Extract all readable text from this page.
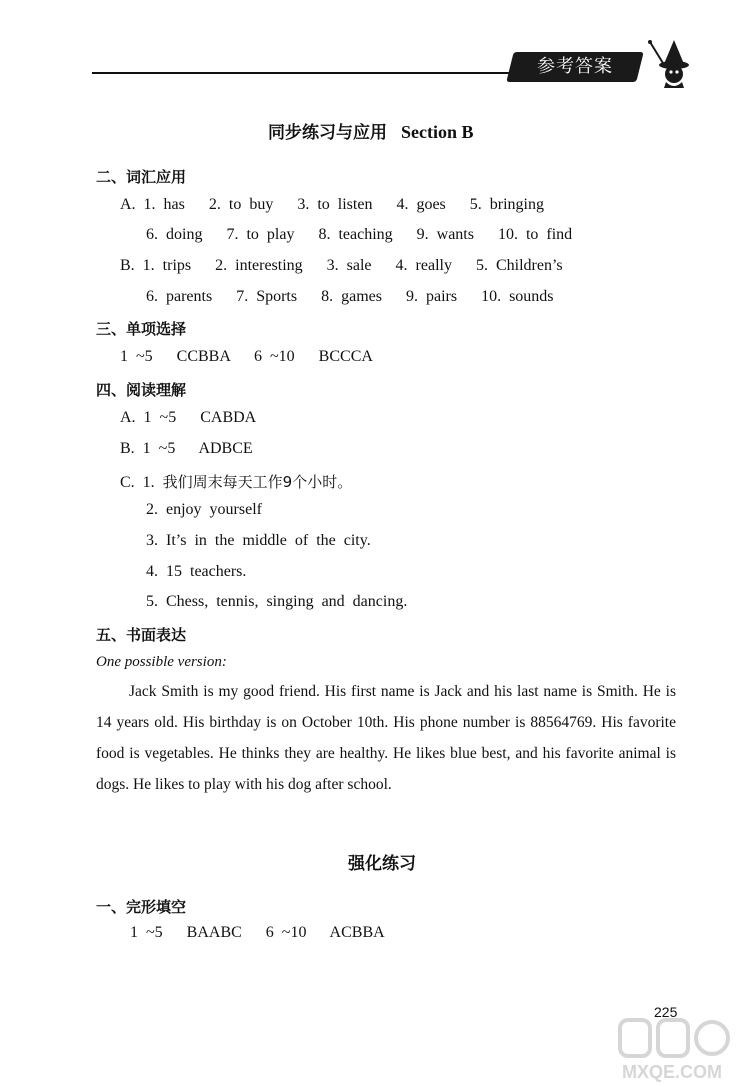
参考答案
同步练习与应用 Section B
二、词汇应用
A. 1. has   2. to buy   3. to listen   4. goes   5. bringing
6. doing   7. to play   8. teaching   9. wants   10. to find
B. 1. trips   2. interesting   3. sale   4. really   5. Children’s
6. parents   7. Sports   8. games   9. pairs   10. sounds
三、单项选择
1 ~5   CCBBA   6 ~10   BCCCA
四、阅读理解
A. 1 ~5   CABDA
B. 1 ~5   ADBCE
C. 1. 我们周末每天工作9个小时。
2. enjoy yourself
3. It’s in the middle of the city.
4. 15 teachers.
5. Chess, tennis, singing and dancing.
五、书面表达
One possible version:

Jack Smith is my good friend. His first name is Jack and his last name is Smith. He is 14 years old. His birthday is on October 10th. His phone number is 88564769. His favorite food is vegetables. He thinks they are healthy. He likes blue best, and his favorite animal is dogs. He likes to play with his dog after school.

强化练习
一、完形填空
1 ~5   BAABC   6 ~10   ACBBA
225
MXQE.COM
